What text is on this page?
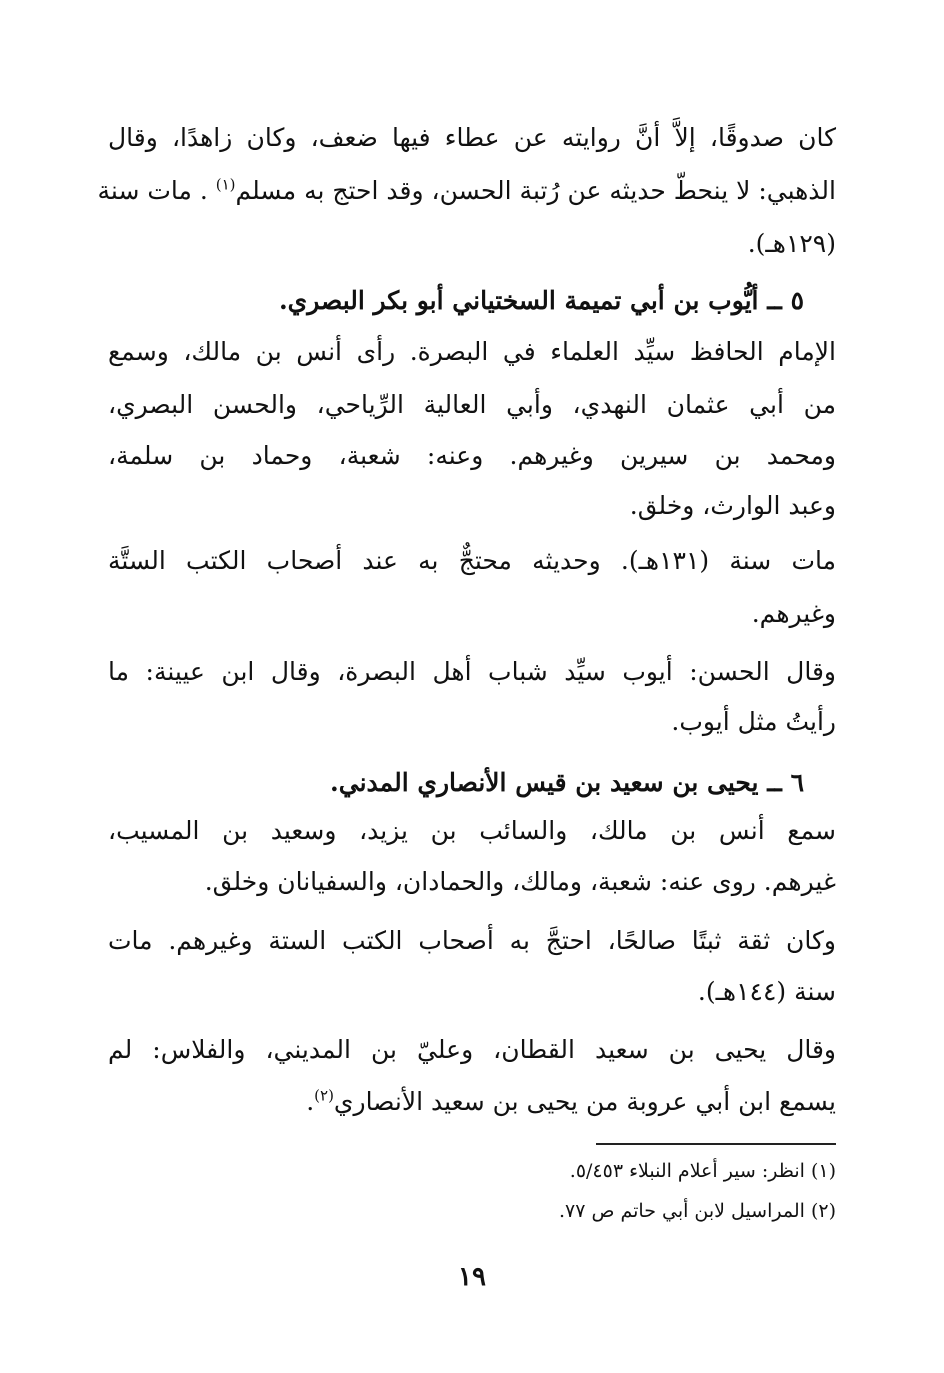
كان صدوقًا، إلاَّ أنَّ روايته عن عطاء فيها ضعف، وكان زاهدًا، وقال
الذهبي: لا ينحطّ حديثه عن رُتبة الحسن، وقد احتج به مسلم$^{(١)}$ . مات سنة
(١٢٩هـ).
٥ ــ أيُّوب بن أبي تميمة السختياني أبو بكر البصري.
الإمام الحافظ سيِّد العلماء في البصرة. رأى أنس بن مالك، وسمع
من أبي عثمان النهدي، وأبي العالية الرِّياحي، والحسن البصري،
ومحمد بن سيرين وغيرهم. وعنه: شعبة، وحماد بن سلمة،
وعبد الوارث، وخلق.
مات سنة (١٣١هـ). وحديثه محتجٌّ به عند أصحاب الكتب الستَّة
وغيرهم.
وقال الحسن: أيوب سيِّد شباب أهل البصرة، وقال ابن عيينة: ما
رأيتُ مثل أيوب.
٦ ــ يحيى بن سعيد بن قيس الأنصاري المدني.
سمع أنس بن مالك، والسائب بن يزيد، وسعيد بن المسيب،
غيرهم. روى عنه: شعبة، ومالك، والحمادان، والسفيانان وخلق.
وكان ثقة ثبتًا صالحًا، احتجَّ به أصحاب الكتب الستة وغيرهم. مات
سنة (١٤٤هـ).
وقال يحيى بن سعيد القطان، وعليّ بن المديني، والفلاس: لم
يسمع ابن أبي عروبة من يحيى بن سعيد الأنصاري$^{(٢)}$.
(١) انظر: سير أعلام النبلاء ٥/٤٥٣.
(٢) المراسيل لابن أبي حاتم ص ٧٧.
١٩
